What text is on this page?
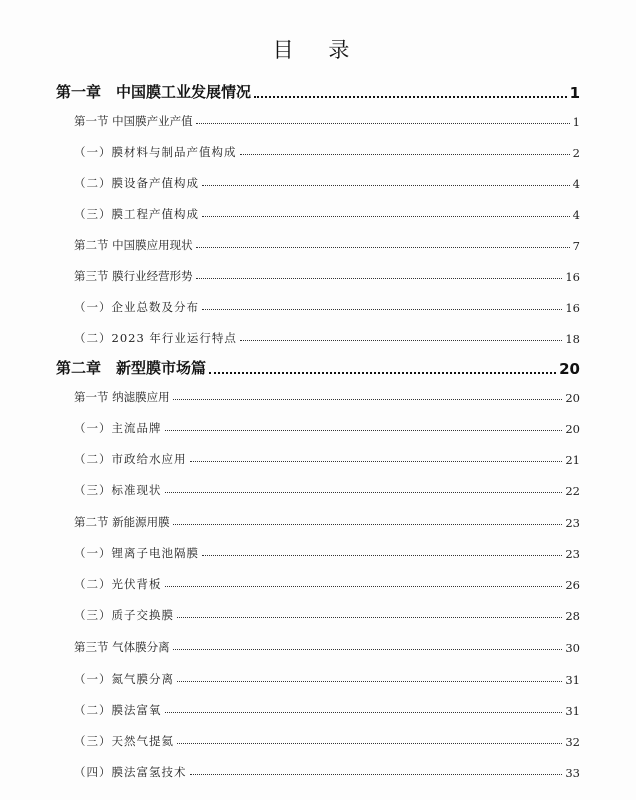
目 录
第一章　中国膜工业发展情况	1
第一节 中国膜产业产值	1
（一）膜材料与制品产值构成	2
（二）膜设备产值构成	4
（三）膜工程产值构成	4
第二节 中国膜应用现状	7
第三节 膜行业经营形势	16
（一）企业总数及分布	16
（二）2023 年行业运行特点	18
第二章　新型膜市场篇	20
第一节 纳滤膜应用	20
（一）主流品牌	20
（二）市政给水应用	21
（三）标准现状	22
第二节 新能源用膜	23
（一）锂离子电池隔膜	23
（二）光伏背板	26
（三）质子交换膜	28
第三节 气体膜分离	30
（一）氮气膜分离	31
（二）膜法富氧	31
（三）天然气提氦	32
（四）膜法富氢技术	33
